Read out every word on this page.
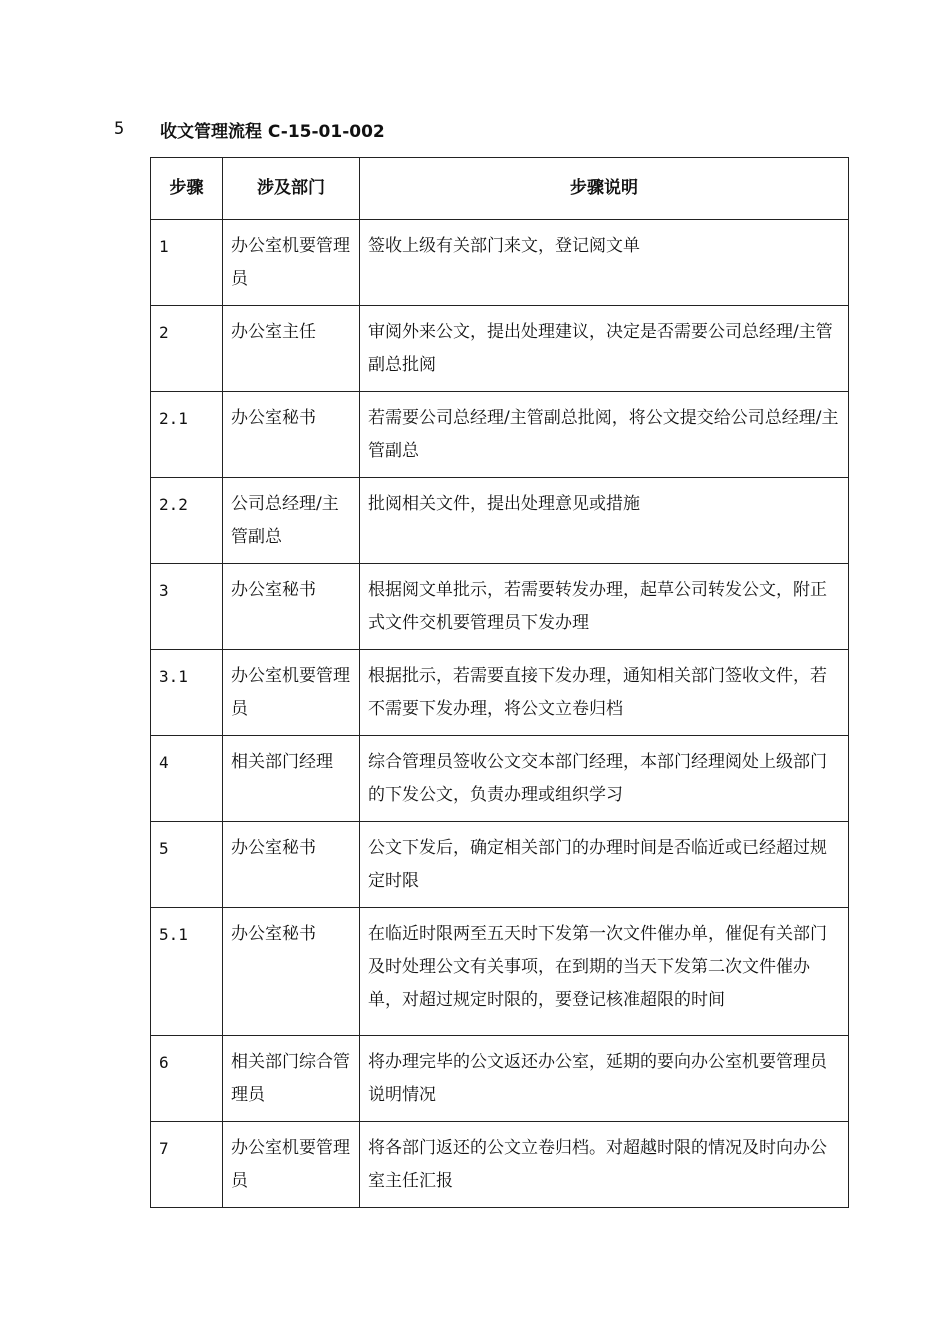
5	收文管理流程 C-15-01-002
步骤	涉及部门	步骤说明
1	办公室机要管理员	签收上级有关部门来文，登记阅文单
2	办公室主任	审阅外来公文，提出处理建议，决定是否需要公司总经理/主管副总批阅
2.1	办公室秘书	若需要公司总经理/主管副总批阅，将公文提交给公司总经理/主管副总
2.2	公司总经理/主管副总	批阅相关文件，提出处理意见或措施
3	办公室秘书	根据阅文单批示，若需要转发办理，起草公司转发公文，附正式文件交机要管理员下发办理
3.1	办公室机要管理员	根据批示，若需要直接下发办理，通知相关部门签收文件，若不需要下发办理，将公文立卷归档
4	相关部门经理	综合管理员签收公文交本部门经理，本部门经理阅处上级部门的下发公文，负责办理或组织学习
5	办公室秘书	公文下发后，确定相关部门的办理时间是否临近或已经超过规定时限
5.1	办公室秘书	在临近时限两至五天时下发第一次文件催办单，催促有关部门及时处理公文有关事项，在到期的当天下发第二次文件催办单，对超过规定时限的，要登记核准超限的时间
6	相关部门综合管理员	将办理完毕的公文返还办公室，延期的要向办公室机要管理员说明情况
7	办公室机要管理员	将各部门返还的公文立卷归档。对超越时限的情况及时向办公室主任汇报
